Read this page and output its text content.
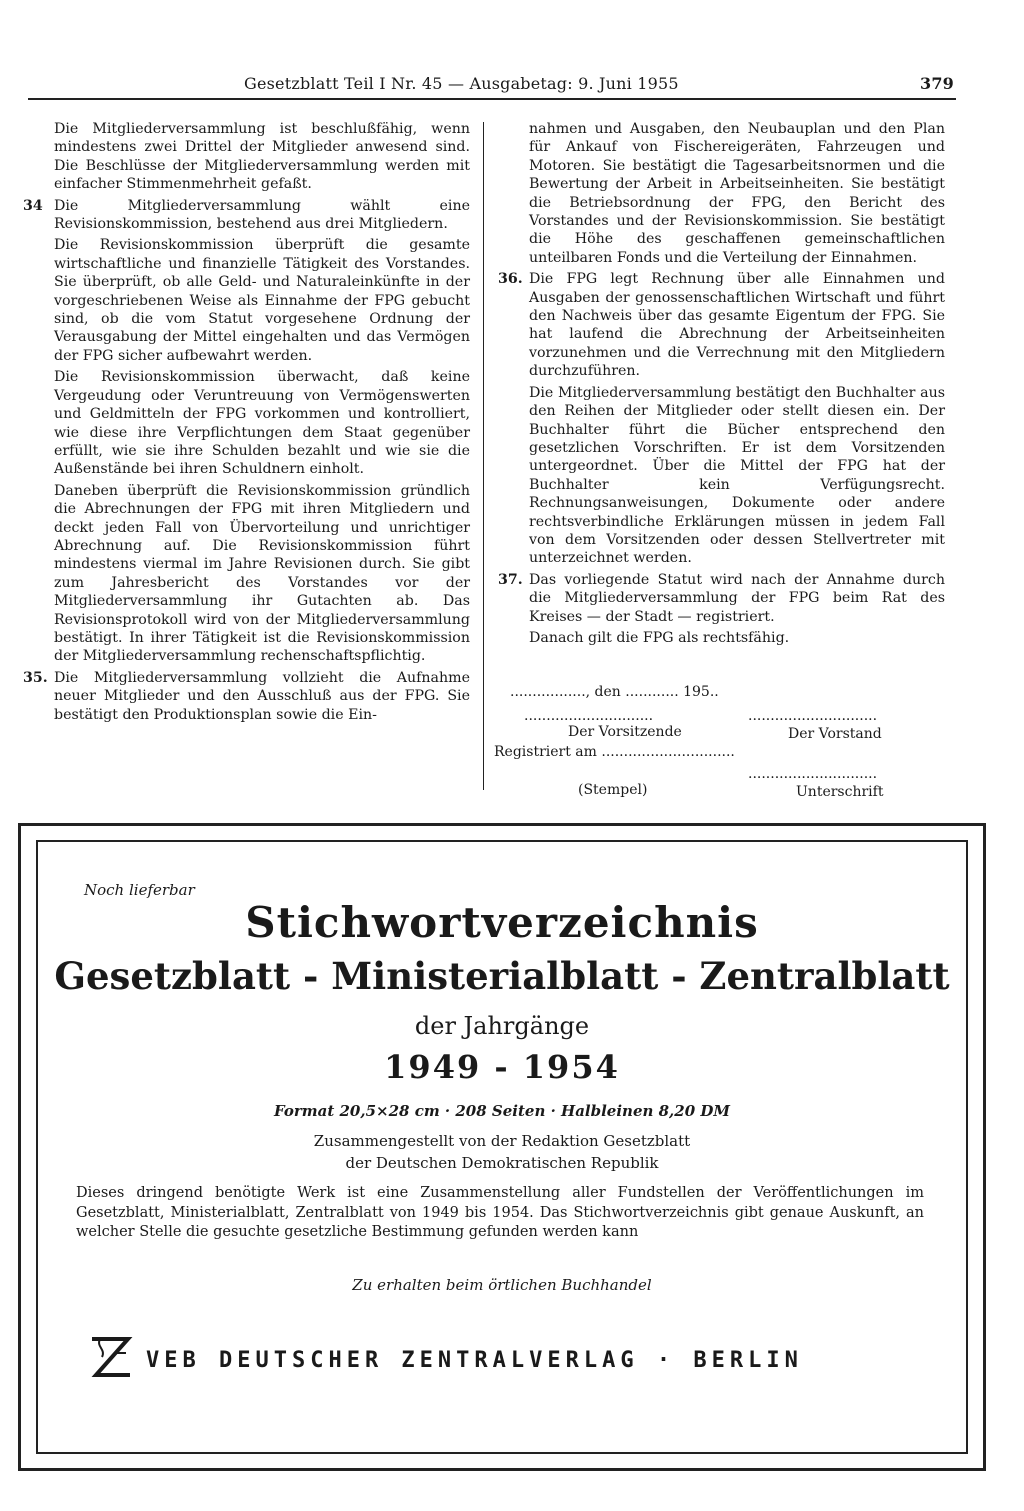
Gesetzblatt Teil I Nr. 45 — Ausgabetag: 9. Juni 1955	379

Die Mitgliederversammlung ist beschlußfähig, wenn mindestens zwei Drittel der Mitglieder anwesend sind. Die Beschlüsse der Mitgliederversammlung werden mit einfacher Stimmenmehrheit gefaßt.

34 Die Mitgliederversammlung wählt eine Revisionskommission, bestehend aus drei Mitgliedern.

Die Revisionskommission überprüft die gesamte wirtschaftliche und finanzielle Tätigkeit des Vorstandes. Sie überprüft, ob alle Geld- und Naturaleinkünfte in der vorgeschriebenen Weise als Einnahme der FPG gebucht sind, ob die vom Statut vorgesehene Ordnung der Verausgabung der Mittel eingehalten und das Vermögen der FPG sicher aufbewahrt werden.

Die Revisionskommission überwacht, daß keine Vergeudung oder Veruntreuung von Vermögenswerten und Geldmitteln der FPG vorkommen und kontrolliert, wie diese ihre Verpflichtungen dem Staat gegenüber erfüllt, wie sie ihre Schulden bezahlt und wie sie die Außenstände bei ihren Schuldnern einholt.

Daneben überprüft die Revisionskommission gründlich die Abrechnungen der FPG mit ihren Mitgliedern und deckt jeden Fall von Übervorteilung und unrichtiger Abrechnung auf. Die Revisionskommission führt mindestens viermal im Jahre Revisionen durch. Sie gibt zum Jahresbericht des Vorstandes vor der Mitgliederversammlung ihr Gutachten ab. Das Revisionsprotokoll wird von der Mitgliederversammlung bestätigt. In ihrer Tätigkeit ist die Revisionskommission der Mitgliederversammlung rechenschaftspflichtig.

35. Die Mitgliederversammlung vollzieht die Aufnahme neuer Mitglieder und den Ausschluß aus der FPG. Sie bestätigt den Produktionsplan sowie die Ein-

nahmen und Ausgaben, den Neubauplan und den Plan für Ankauf von Fischereigeräten, Fahrzeugen und Motoren. Sie bestätigt die Tagesarbeitsnormen und die Bewertung der Arbeit in Arbeitseinheiten. Sie bestätigt die Betriebsordnung der FPG, den Bericht des Vorstandes und der Revisionskommission. Sie bestätigt die Höhe des geschaffenen gemeinschaftlichen unteilbaren Fonds und die Verteilung der Einnahmen.

36. Die FPG legt Rechnung über alle Einnahmen und Ausgaben der genossenschaftlichen Wirtschaft und führt den Nachweis über das gesamte Eigentum der FPG. Sie hat laufend die Abrechnung der Arbeitseinheiten vorzunehmen und die Verrechnung mit den Mitgliedern durchzuführen.

Die Mitgliederversammlung bestätigt den Buchhalter aus den Reihen der Mitglieder oder stellt diesen ein. Der Buchhalter führt die Bücher entsprechend den gesetzlichen Vorschriften. Er ist dem Vorsitzenden untergeordnet. Über die Mittel der FPG hat der Buchhalter kein Verfügungsrecht. Rechnungsanweisungen, Dokumente oder andere rechtsverbindliche Erklärungen müssen in jedem Fall von dem Vorsitzenden oder dessen Stellvertreter mit unterzeichnet werden.

37. Das vorliegende Statut wird nach der Annahme durch die Mitgliederversammlung der FPG beim Rat des Kreises — der Stadt — registriert.

Danach gilt die FPG als rechtsfähig.

................., den ............ 195..
.............................	.............................
Der Vorsitzende	Der Vorstand
Registriert am ..............................
.............................
(Stempel)	Unterschrift
Noch lieferbar
Stichwortverzeichnis
Gesetzblatt - Ministerialblatt - Zentralblatt
der Jahrgänge
1949 - 1954
Format 20,5×28 cm · 208 Seiten · Halbleinen 8,20 DM
Zusammengestellt von der Redaktion Gesetzblatt
der Deutschen Demokratischen Republik
Dieses dringend benötigte Werk ist eine Zusammenstellung aller Fundstellen der Veröffentlichungen im Gesetzblatt, Ministerialblatt, Zentralblatt von 1949 bis 1954. Das Stichwortverzeichnis gibt genaue Auskunft, an welcher Stelle die gesuchte gesetzliche Bestimmung gefunden werden kann
Zu erhalten beim örtlichen Buchhandel
VEB DEUTSCHER ZENTRALVERLAG · BERLIN
